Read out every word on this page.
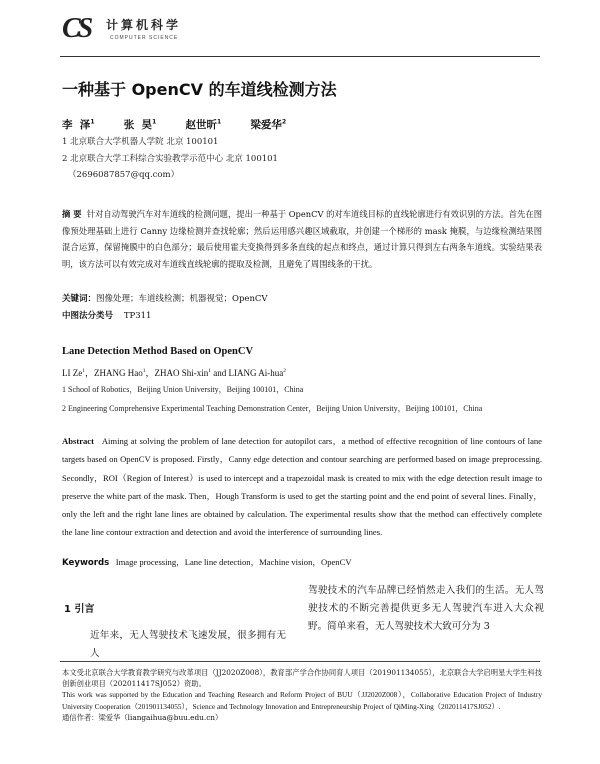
CS 计算机科学
COMPUTER SCIENCE
一种基于 OpenCV 的车道线检测方法
李  泽$^1$	张  昊$^1$	赵世昕$^1$	梁爱华$^2$
1 北京联合大学机器人学院 北京 100101
2 北京联合大学工科综合实验教学示范中心 北京 100101
（2696087857@qq.com）
摘 要 针对自动驾驶汽车对车道线的检测问题，提出一种基于 OpenCV 的对车道线目标的直线轮廓进行有效识别的方法。首先在图像预处理基础上进行 Canny 边缘检测并查找轮廓；然后运用感兴趣区域截取，并创建一个梯形的 mask 掩膜，与边缘检测结果图混合运算，保留掩膜中的白色部分；最后使用霍夫变换得到多条直线的起点和终点，通过计算只得到左右两条车道线。实验结果表明，该方法可以有效完成对车道线直线轮廓的提取及检测，且避免了周围线条的干扰。
关键词：图像处理；车道线检测；机器视觉；OpenCV
中图法分类号 TP311
Lane Detection Method Based on OpenCV
LI Ze$^1$，ZHANG Hao$^1$，ZHAO Shi-xin$^1$ and LIANG Ai-hua$^2$
1 School of Robotics，Beijing Union University，Beijing 100101，China
2 Engineering Comprehensive Experimental Teaching Demonstration Center，Beijing Union University，Beijing 100101，China
Abstract Aiming at solving the problem of lane detection for autopilot cars，a method of effective recognition of line contours of lane targets based on OpenCV is proposed. Firstly，Canny edge detection and contour searching are performed based on image preprocessing. Secondly，ROI（Region of Interest）is used to intercept and a trapezoidal mask is created to mix with the edge detection result image to preserve the white part of the mask. Then，Hough Transform is used to get the starting point and the end point of several lines. Finally，only the left and the right lane lines are obtained by calculation. The experimental results show that the method can effectively complete the lane line contour extraction and detection and avoid the interference of surrounding lines.
Keywords Image processing，Lane line detection，Machine vision，OpenCV
1 引言
近年来，无人驾驶技术飞速发展，很多拥有无人
驾驶技术的汽车品牌已经悄然走入我们的生活。无人驾驶技术的不断完善提供更多无人驾驶汽车进入大众视野。简单来看，无人驾驶技术大致可分为 3
本文受北京联合大学教育教学研究与改革项目（JJ2020Z008），教育部产学合作协同育人项目（201901134055），北京联合大学启明星大学生科技创新创业项目（202011417SJ052）资助。
This work was supported by the Education and Teaching Research and Reform Project of BUU（JJ2020Z008），Collaborative Education Project of Industry University Cooperation（201901134055），Science and Technology Innovation and Entrepreneurship Project of QiMing-Xing（202011417SJ052）.
通信作者：梁爱华（liangaihua@buu.edu.cn）
